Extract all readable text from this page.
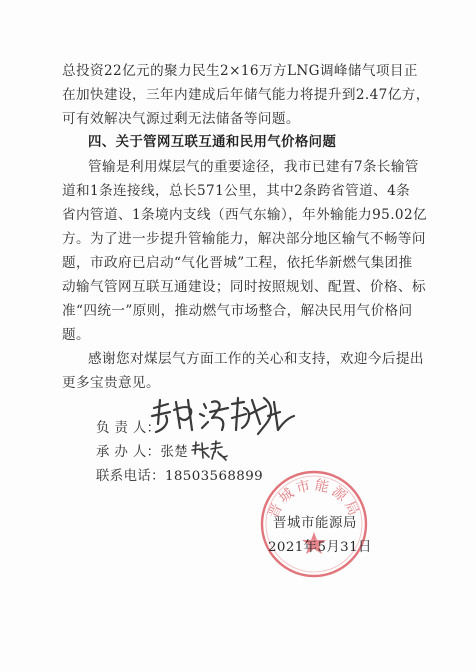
总投资22亿元的聚力民生2×16万方LNG调峰储气项目正
在加快建设，三年内建成后年储气能力将提升到2.47亿方，
可有效解决气源过剩无法储备等问题。
四、关于管网互联互通和民用气价格问题
管输是利用煤层气的重要途径，我市已建有7条长输管
道和1条连接线，总长571公里，其中2条跨省管道、4条
省内管道、1条境内支线（西气东输），年外输能力95.02亿
方。为了进一步提升管输能力，解决部分地区输气不畅等问
题，市政府已启动“气化晋城”工程，依托华新燃气集团推
动输气管网互联互通建设；同时按照规划、配置、价格、标
准“四统一”原则，推动燃气市场整合，解决民用气价格问
题。
感谢您对煤层气方面工作的关心和支持，欢迎今后提出
更多宝贵意见。
负 责 人：
承 办 人：张楚
联系电话：18503568899
晋城市能源局
晋城市能源局
2021年5月31日
